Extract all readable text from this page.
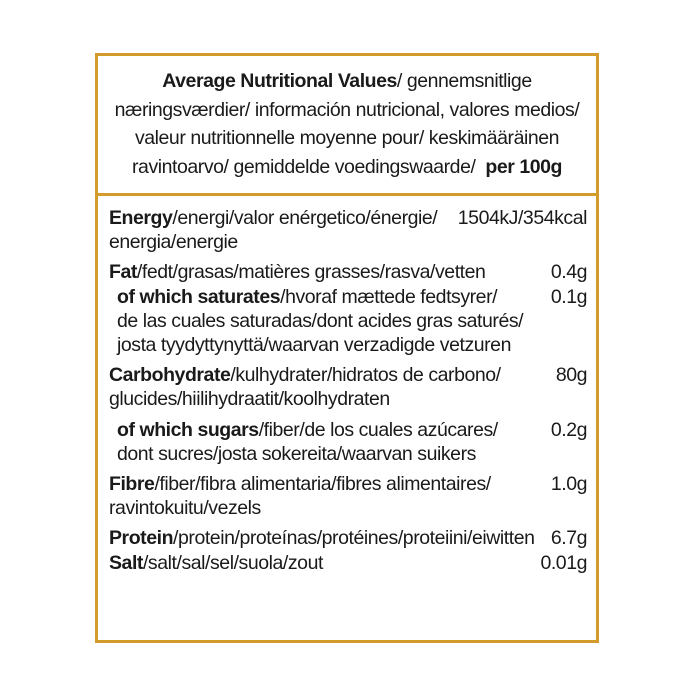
Average Nutritional Values/ gennemsnitlige
næringsværdier/ información nutricional, valores medios/
valeur nutritionnelle moyenne pour/ keskimääräinen
ravintoarvo/ gemiddelde voedingswaarde/ per 100g
Energy/energi/valor enérgetico/énergie/ 1504kJ/354kcal
energia/energie
Fat/fedt/grasas/matières grasses/rasva/vetten	0.4g
of which saturates/hvoraf mættede fedtsyrer/	0.1g
de las cuales saturadas/dont acides gras saturés/
josta tyydyttynyttä/waarvan verzadigde vetzuren
Carbohydrate/kulhydrater/hidratos de carbono/	80g
glucides/hiilihydraatit/koolhydraten
of which sugars/fiber/de los cuales azúcares/	0.2g
dont sucres/josta sokereita/waarvan suikers
Fibre/fiber/fibra alimentaria/fibres alimentaires/	1.0g
ravintokuitu/vezels
Protein/protein/proteínas/protéines/proteiini/eiwitten 6.7g
Salt/salt/sal/sel/suola/zout	0.01g
